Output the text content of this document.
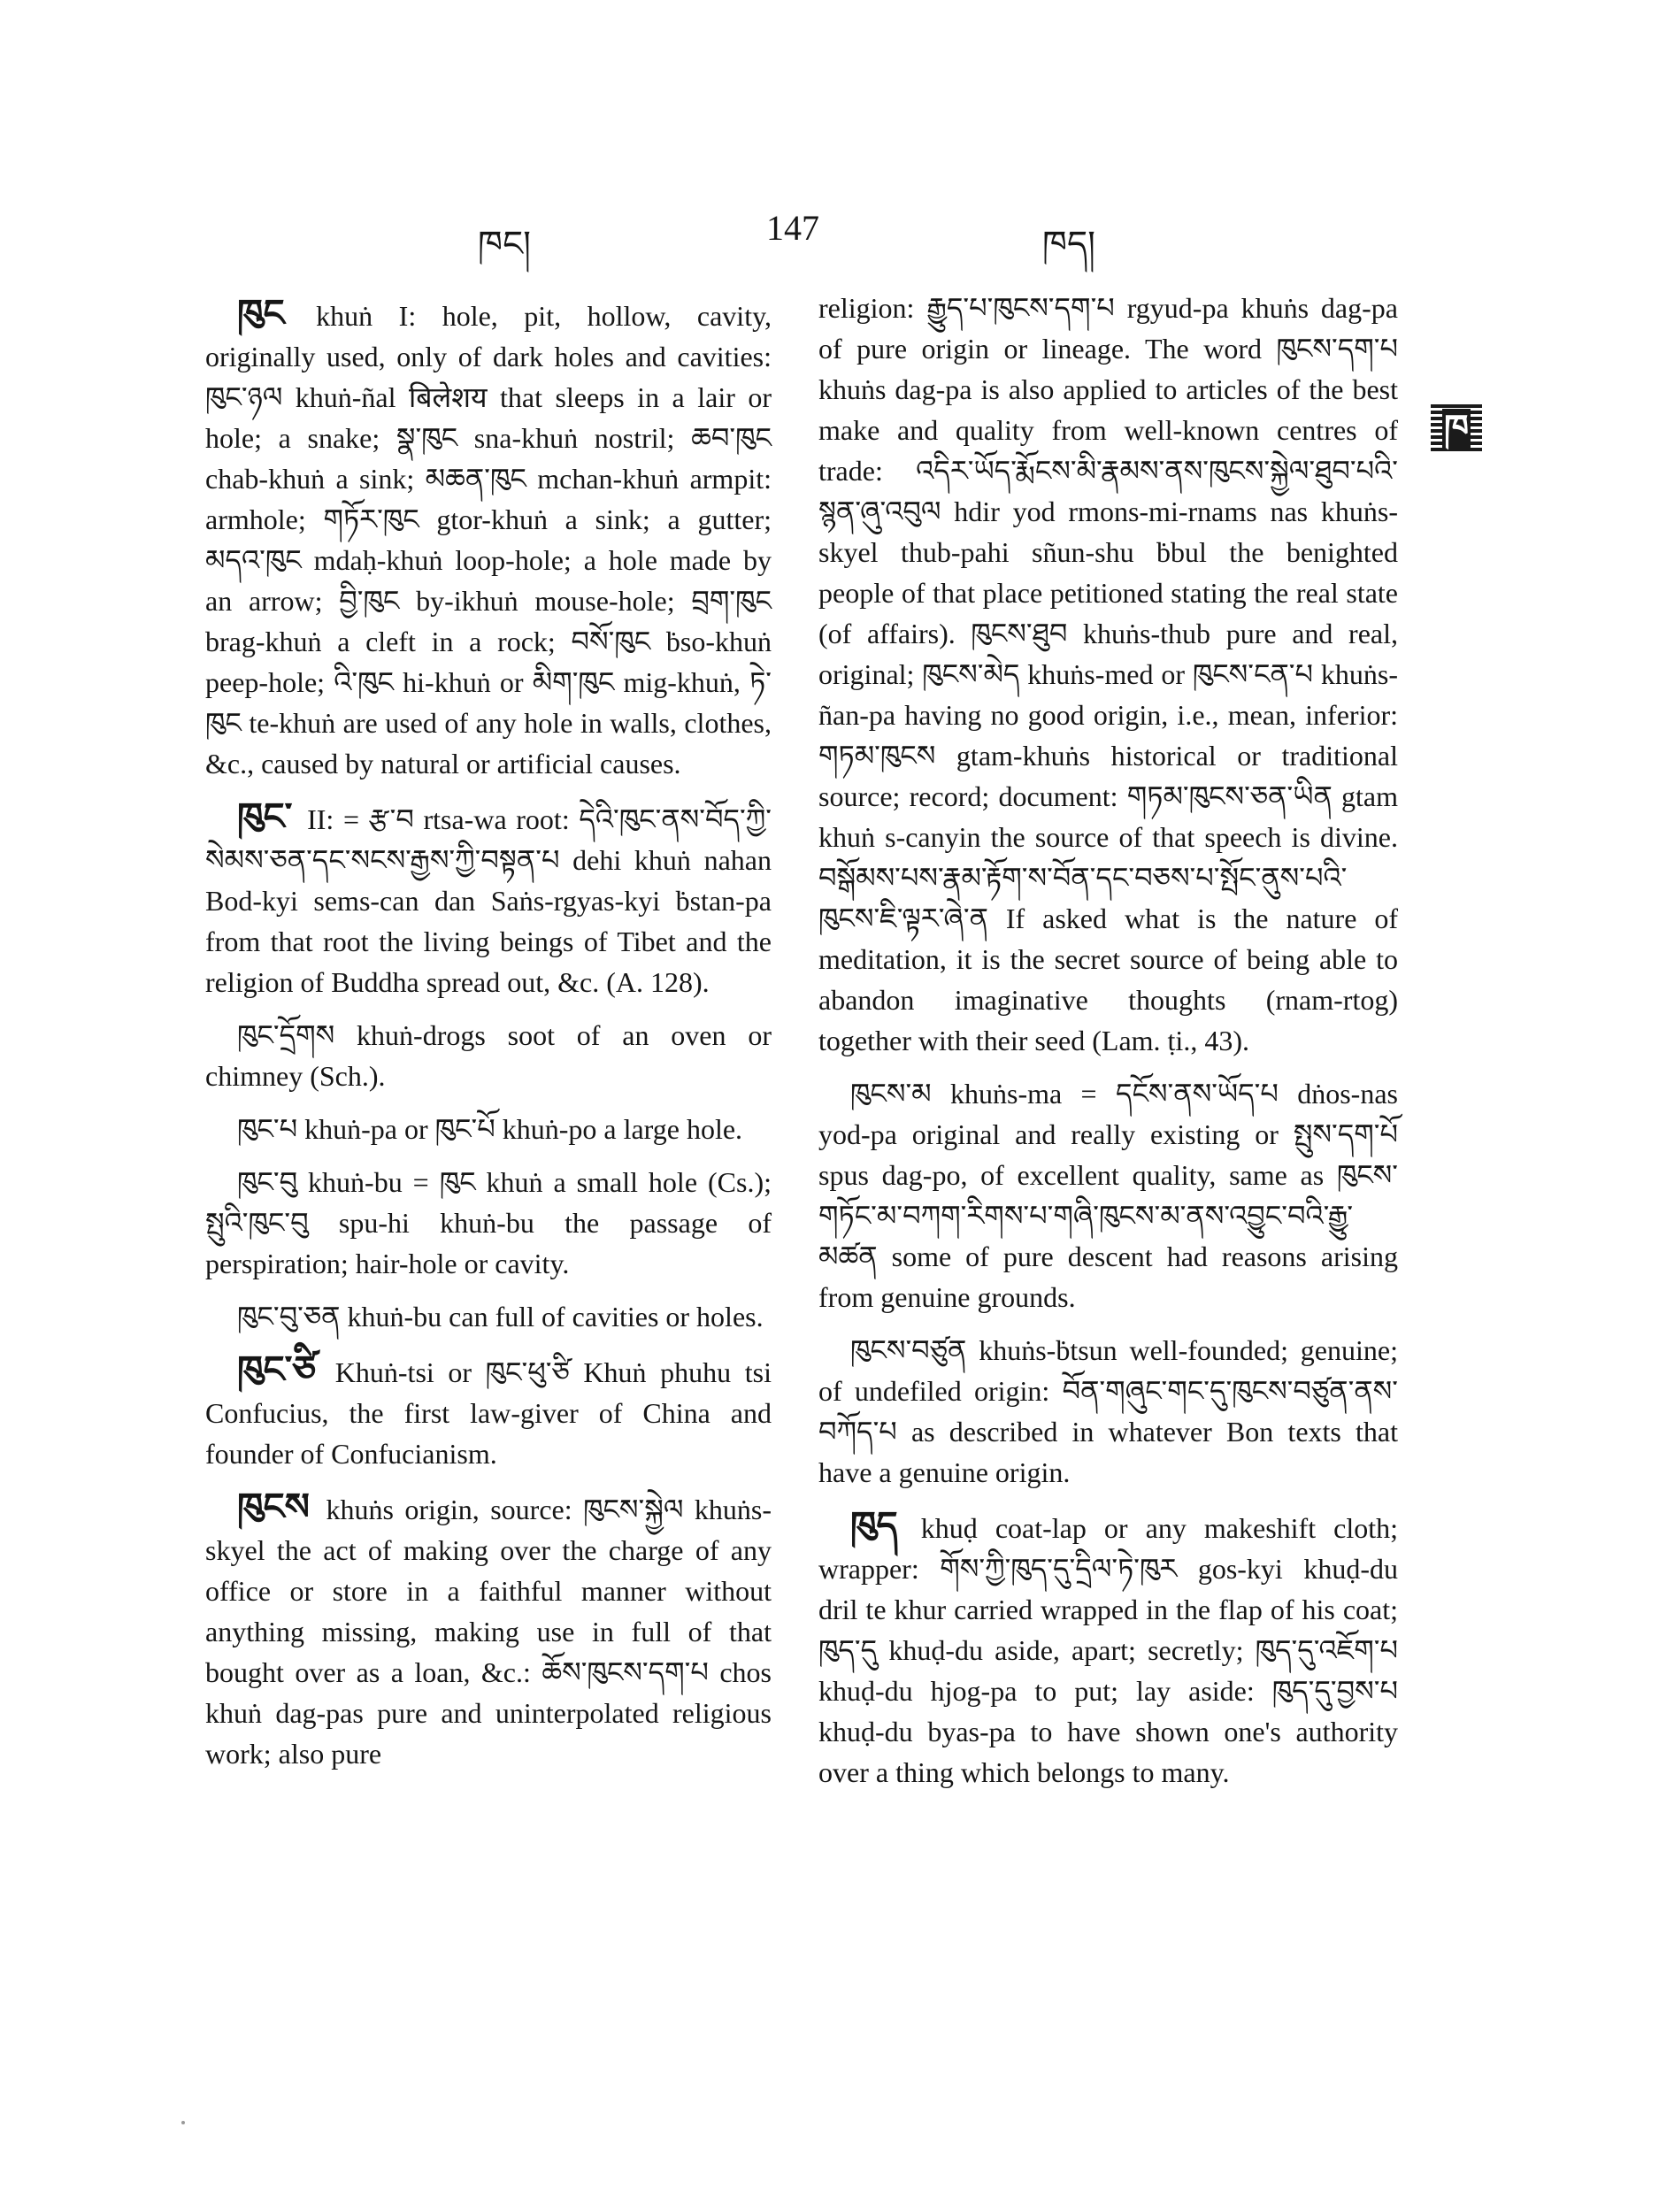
ཁང།	147	ཁད།
ཁ

ཁུང khuṅ I: hole, pit, hollow, cavity, originally used, only of dark holes and cavities: ཁུང་ཉལ khuṅ-ñal बिलेशय that sleeps in a lair or hole; a snake; སྣ་ཁུང sna-khuṅ nostril; ཆབ་ཁུང chab-khuṅ a sink; མཆན་ཁུང mchan-khuṅ armpit: armhole; གཏོར་ཁུང gtor-khuṅ a sink; a gutter; མདའ་ཁུང mdaḥ-khuṅ loop-hole; a hole made by an arrow; བྱི་ཁུང by-ikhuṅ mouse-hole; བྲག་ཁུང brag-khuṅ a cleft in a rock; བསོ་ཁུང ḃso-khuṅ peep-hole; འི་ཁུང hi-khuṅ or མིག་ཁུང mig-khuṅ, ཏེ་ཁུང te-khuṅ are used of any hole in walls, clothes, &c., caused by natural or artificial causes.

ཁུང་ II: = རྩ་བ rtsa-wa root: དེའི་ཁུང་ནས་བོད་ཀྱི་སེམས་ཅན་དང་སངས་རྒྱས་ཀྱི་བསྟན་པ dehi khuṅ nahan Bod-kyi sems-can dan Saṅs-rgyas-kyi ḃstan-pa from that root the living beings of Tibet and the religion of Buddha spread out, &c. (A. 128).

ཁུང་དྲོགས khuṅ-drogs soot of an oven or chimney (Sch.).

ཁུང་པ khuṅ-pa or ཁུང་པོ khuṅ-po a large hole.

ཁུང་བུ khuṅ-bu = ཁུང khuṅ a small hole (Cs.); སྤུའི་ཁུང་བུ spu-hi khuṅ-bu the passage of perspiration; hair-hole or cavity.

ཁུང་བུ་ཅན khuṅ-bu can full of cavities or holes.

ཁུང་ཙི Khuṅ-tsi or ཁུང་ཕུ་ཙི Khuṅ phuhu tsi Confucius, the first law-giver of China and founder of Confucianism.

ཁུངས khuṅs origin, source: ཁུངས་སྐྱེལ khuṅs-skyel the act of making over the charge of any office or store in a faithful manner without anything missing, making use in full of that bought over as a loan, &c.: ཆོས་ཁུངས་དག་པ chos khuṅ dag-pas pure and uninterpolated religious work; also pure

religion: རྒྱུད་པ་ཁུངས་དག་པ rgyud-pa khuṅs dag-pa of pure origin or lineage. The word ཁུངས་དག་པ khuṅs dag-pa is also applied to articles of the best make and quality from well-known centres of trade: འདིར་ཡོད་རྨོངས་མི་རྣམས་ནས་ཁུངས་སྐྱེལ་ཐུབ་པའི་སྙན་ཞུ་འབུལ hdir yod rmons-mi-rnams nas khuṅs-skyel thub-pahi sñun-shu ḃbul the benighted people of that place petitioned stating the real state (of affairs). ཁུངས་ཐུབ khuṅs-thub pure and real, original; ཁུངས་མེད khuṅs-med or ཁུངས་ངན་པ khuṅs-ñan-pa having no good origin, i.e., mean, inferior: གཏམ་ཁུངས gtam-khuṅs historical or traditional source; record; document: གཏམ་ཁུངས་ཅན་ཡིན gtam khuṅ s-canyin the source of that speech is divine. བསྒོམས་པས་རྣམ་རྟོག་ས་བོན་དང་བཅས་པ་སྤོང་ནུས་པའི་ཁུངས་ཇི་ལྟར་ཞེ་ན If asked what is the nature of meditation, it is the secret source of being able to abandon imaginative thoughts (rnam-rtog) together with their seed (Lam. ṭi., 43).

ཁུངས་མ khuṅs-ma = དངོས་ནས་ཡོད་པ dṅos-nas yod-pa original and really existing or སྤུས་དག་པོ spus dag-po, of excellent quality, same as ཁུངས་གཏོང་མ་བཀག་རིགས་པ་གཞི་ཁུངས་མ་ནས་འབྱུང་བའི་རྒྱུ་མཚན some of pure descent had reasons arising from genuine grounds.

ཁུངས་བཙུན khuṅs-ḃtsun well-founded; genuine; of undefiled origin: བོན་གཞུང་གང་དུ་ཁུངས་བཙུན་ནས་བཀོད་པ as described in whatever Bon texts that have a genuine origin.

ཁུད khuḍ coat-lap or any makeshift cloth; wrapper: གོས་ཀྱི་ཁུད་དུ་དྲིལ་ཏེ་ཁུར gos-kyi khuḍ-du dril te khur carried wrapped in the flap of his coat; ཁུད་དུ khuḍ-du aside, apart; secretly; ཁུད་དུ་འཇོག་པ khuḍ-du hjog-pa to put; lay aside: ཁུད་དུ་བྱས་པ khuḍ-du byas-pa to have shown one's authority over a thing which belongs to many.
